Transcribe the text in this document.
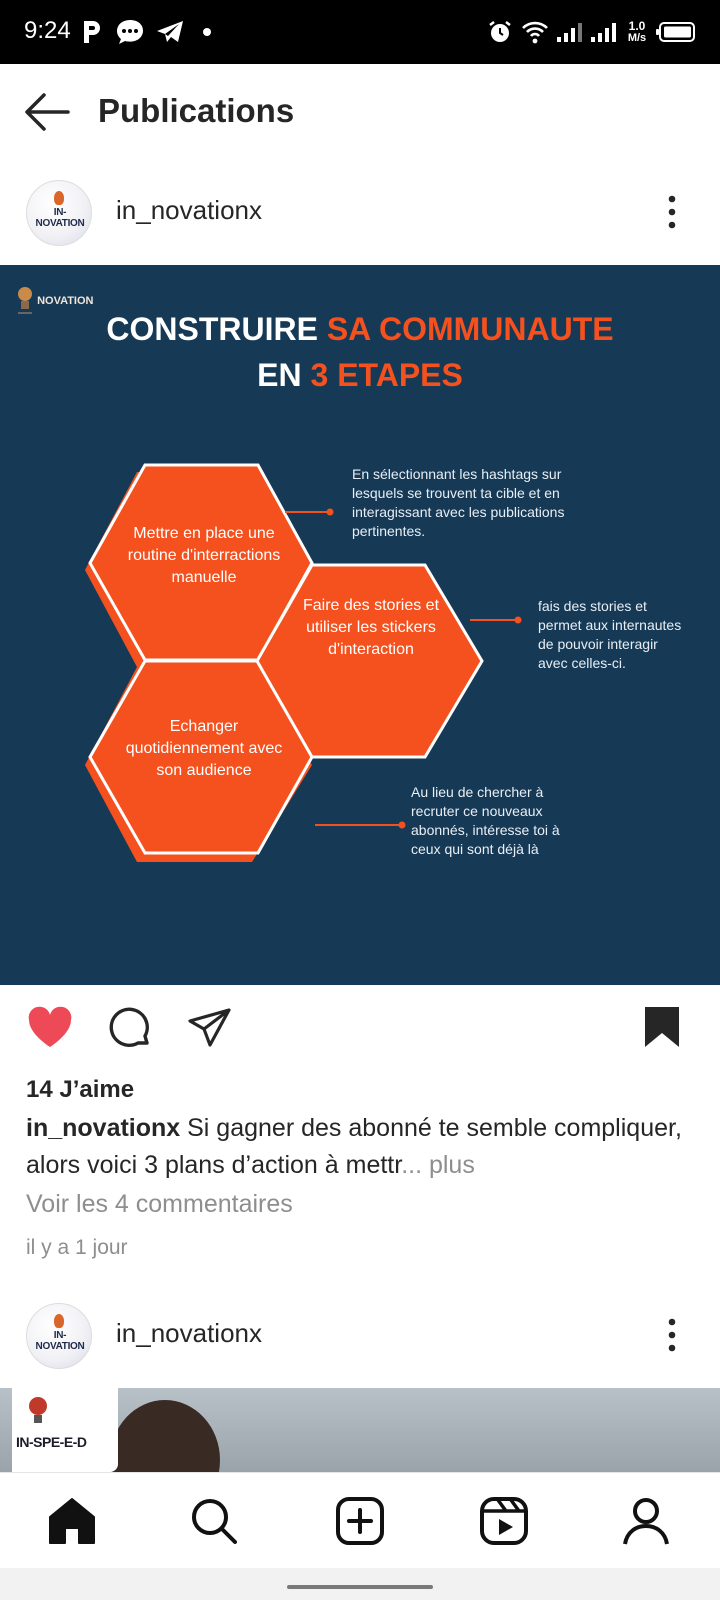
9:24	1.0
M/s
Publications
IN-NOVATION in_novationx
NOVATION
CONSTRUIRE SA COMMUNAUTE
EN 3 ETAPES
Mettre en place une routine d'interractions manuelle
Faire des stories et utiliser les stickers d'interaction
Echanger quotidiennement avec son audience
En sélectionnant les hashtags sur lesquels se trouvent ta cible et en interagissant avec les publications pertinentes.
fais des stories et permet aux internautes de pouvoir interagir avec celles-ci.
Au lieu de chercher à recruter ce nouveaux abonnés, intéresse toi à ceux qui sont déjà là
14 J’aime
in_novationx Si gagner des abonné te semble compliquer, alors voici 3 plans d’action à mettr... plus
Voir les 4 commentaires
il y a 1 jour
IN-NOVATION in_novationx
IN-SPE-E-D
